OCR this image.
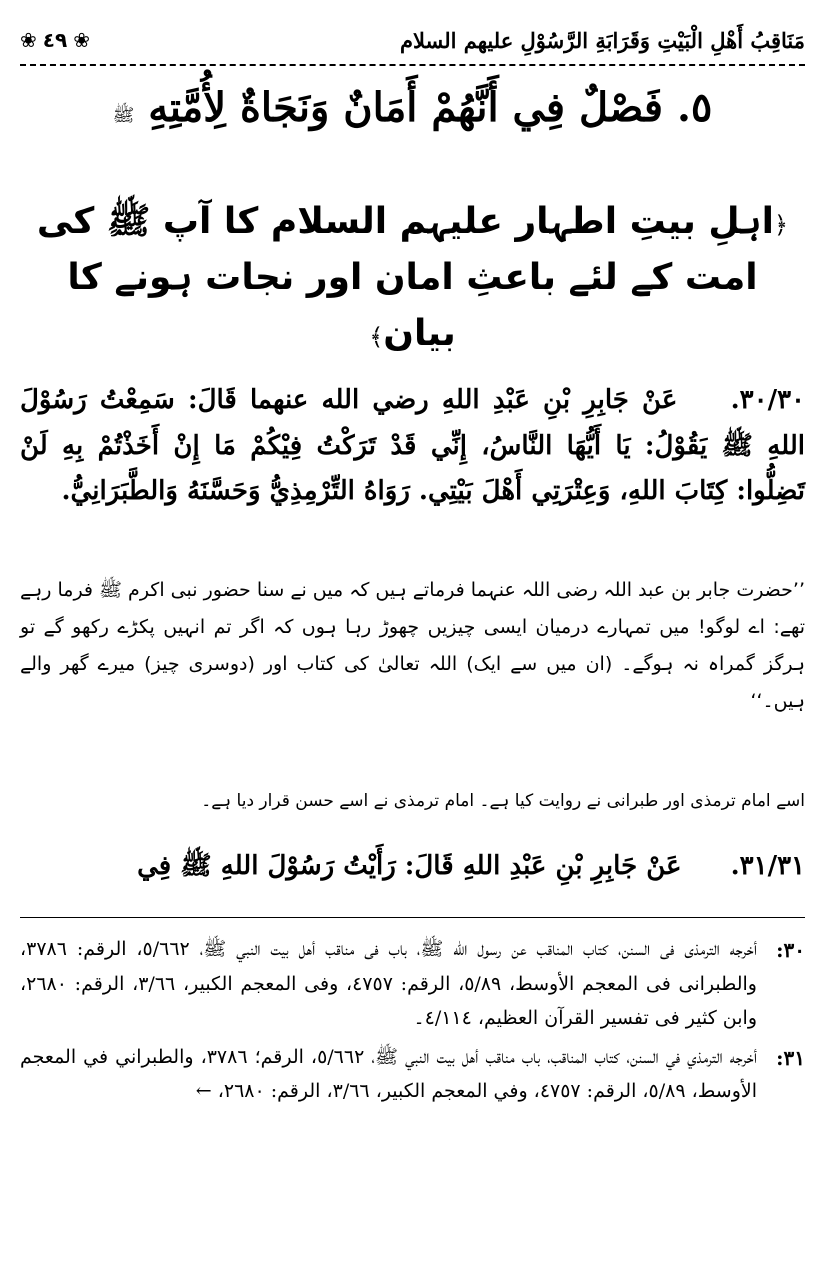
❀ ٤٩ ❀	مَنَاقِبُ أَهْلِ الْبَيْتِ وَقَرَابَةِ الرَّسُوْلِ عليهم السلام
٥. فَصْلٌ فِي أَنَّهُمْ أَمَانٌ وَنَجَاةٌ لِأُمَّتِهِ ﷺ
﴿اہلِ بیتِ اطہار علیہم السلام کا آپ ﷺ کی امت کے لئے باعثِ امان اور نجات ہونے کا بیان﴾
٣٠/٣٠. عَنْ جَابِرِ بْنِ عَبْدِ اللهِ رضي الله عنهما قَالَ: سَمِعْتُ رَسُوْلَ اللهِ ﷺ يَقُوْلُ: يَا أَيُّهَا النَّاسُ، إِنِّي قَدْ تَرَكْتُ فِيْكُمْ مَا إِنْ أَخَذْتُمْ بِهِ لَنْ تَضِلُّوا: كِتَابَ اللهِ، وَعِتْرَتِي أَهْلَ بَيْتِي. رَوَاهُ التِّرْمِذِيُّ وَحَسَّنَهُ وَالطَّبَرَانِيُّ.
’’حضرت جابر بن عبد اللہ رضی اللہ عنہما فرماتے ہیں کہ میں نے سنا حضور نبی اکرم ﷺ فرما رہے تھے: اے لوگو! میں تمہارے درمیان ایسی چیزیں چھوڑ رہا ہوں کہ اگر تم انہیں پکڑے رکھو گے تو ہرگز گمراہ نہ ہوگے۔ (ان میں سے ایک) اللہ تعالیٰ کی کتاب اور (دوسری چیز) میرے گھر والے ہیں۔‘‘
اسے امام ترمذی اور طبرانی نے روایت کیا ہے۔ امام ترمذی نے اسے حسن قرار دیا ہے۔
٣١/٣١. عَنْ جَابِرِ بْنِ عَبْدِ اللهِ قَالَ: رَأَيْتُ رَسُوْلَ اللهِ ﷺ فِي
٣٠:
أخرجه الترمذی فی السنن، کتاب المناقب عن رسول الله ﷺ، باب فی مناقب أهل بيت النبي ﷺ، ٥/٦٦٢، الرقم: ٣٧٨٦، والطبرانی فی المعجم الأوسط، ٥/٨٩، الرقم: ٤٧٥٧، وفی المعجم الکبير، ٣/٦٦، الرقم: ٢٦٨٠، وابن کثير فی تفسير القرآن العظيم، ٤/١١٤۔
٣١:
أخرجه الترمذي في السنن، کتاب المناقب، باب مناقب أهل بيت النبي ﷺ، ٥/٦٦٢، الرقم؛ ٣٧٨٦، والطبراني في المعجم الأوسط، ٥/٨٩، الرقم: ٤٧٥٧، وفي المعجم الکبير، ٣/٦٦، الرقم: ٢٦٨٠، ←
